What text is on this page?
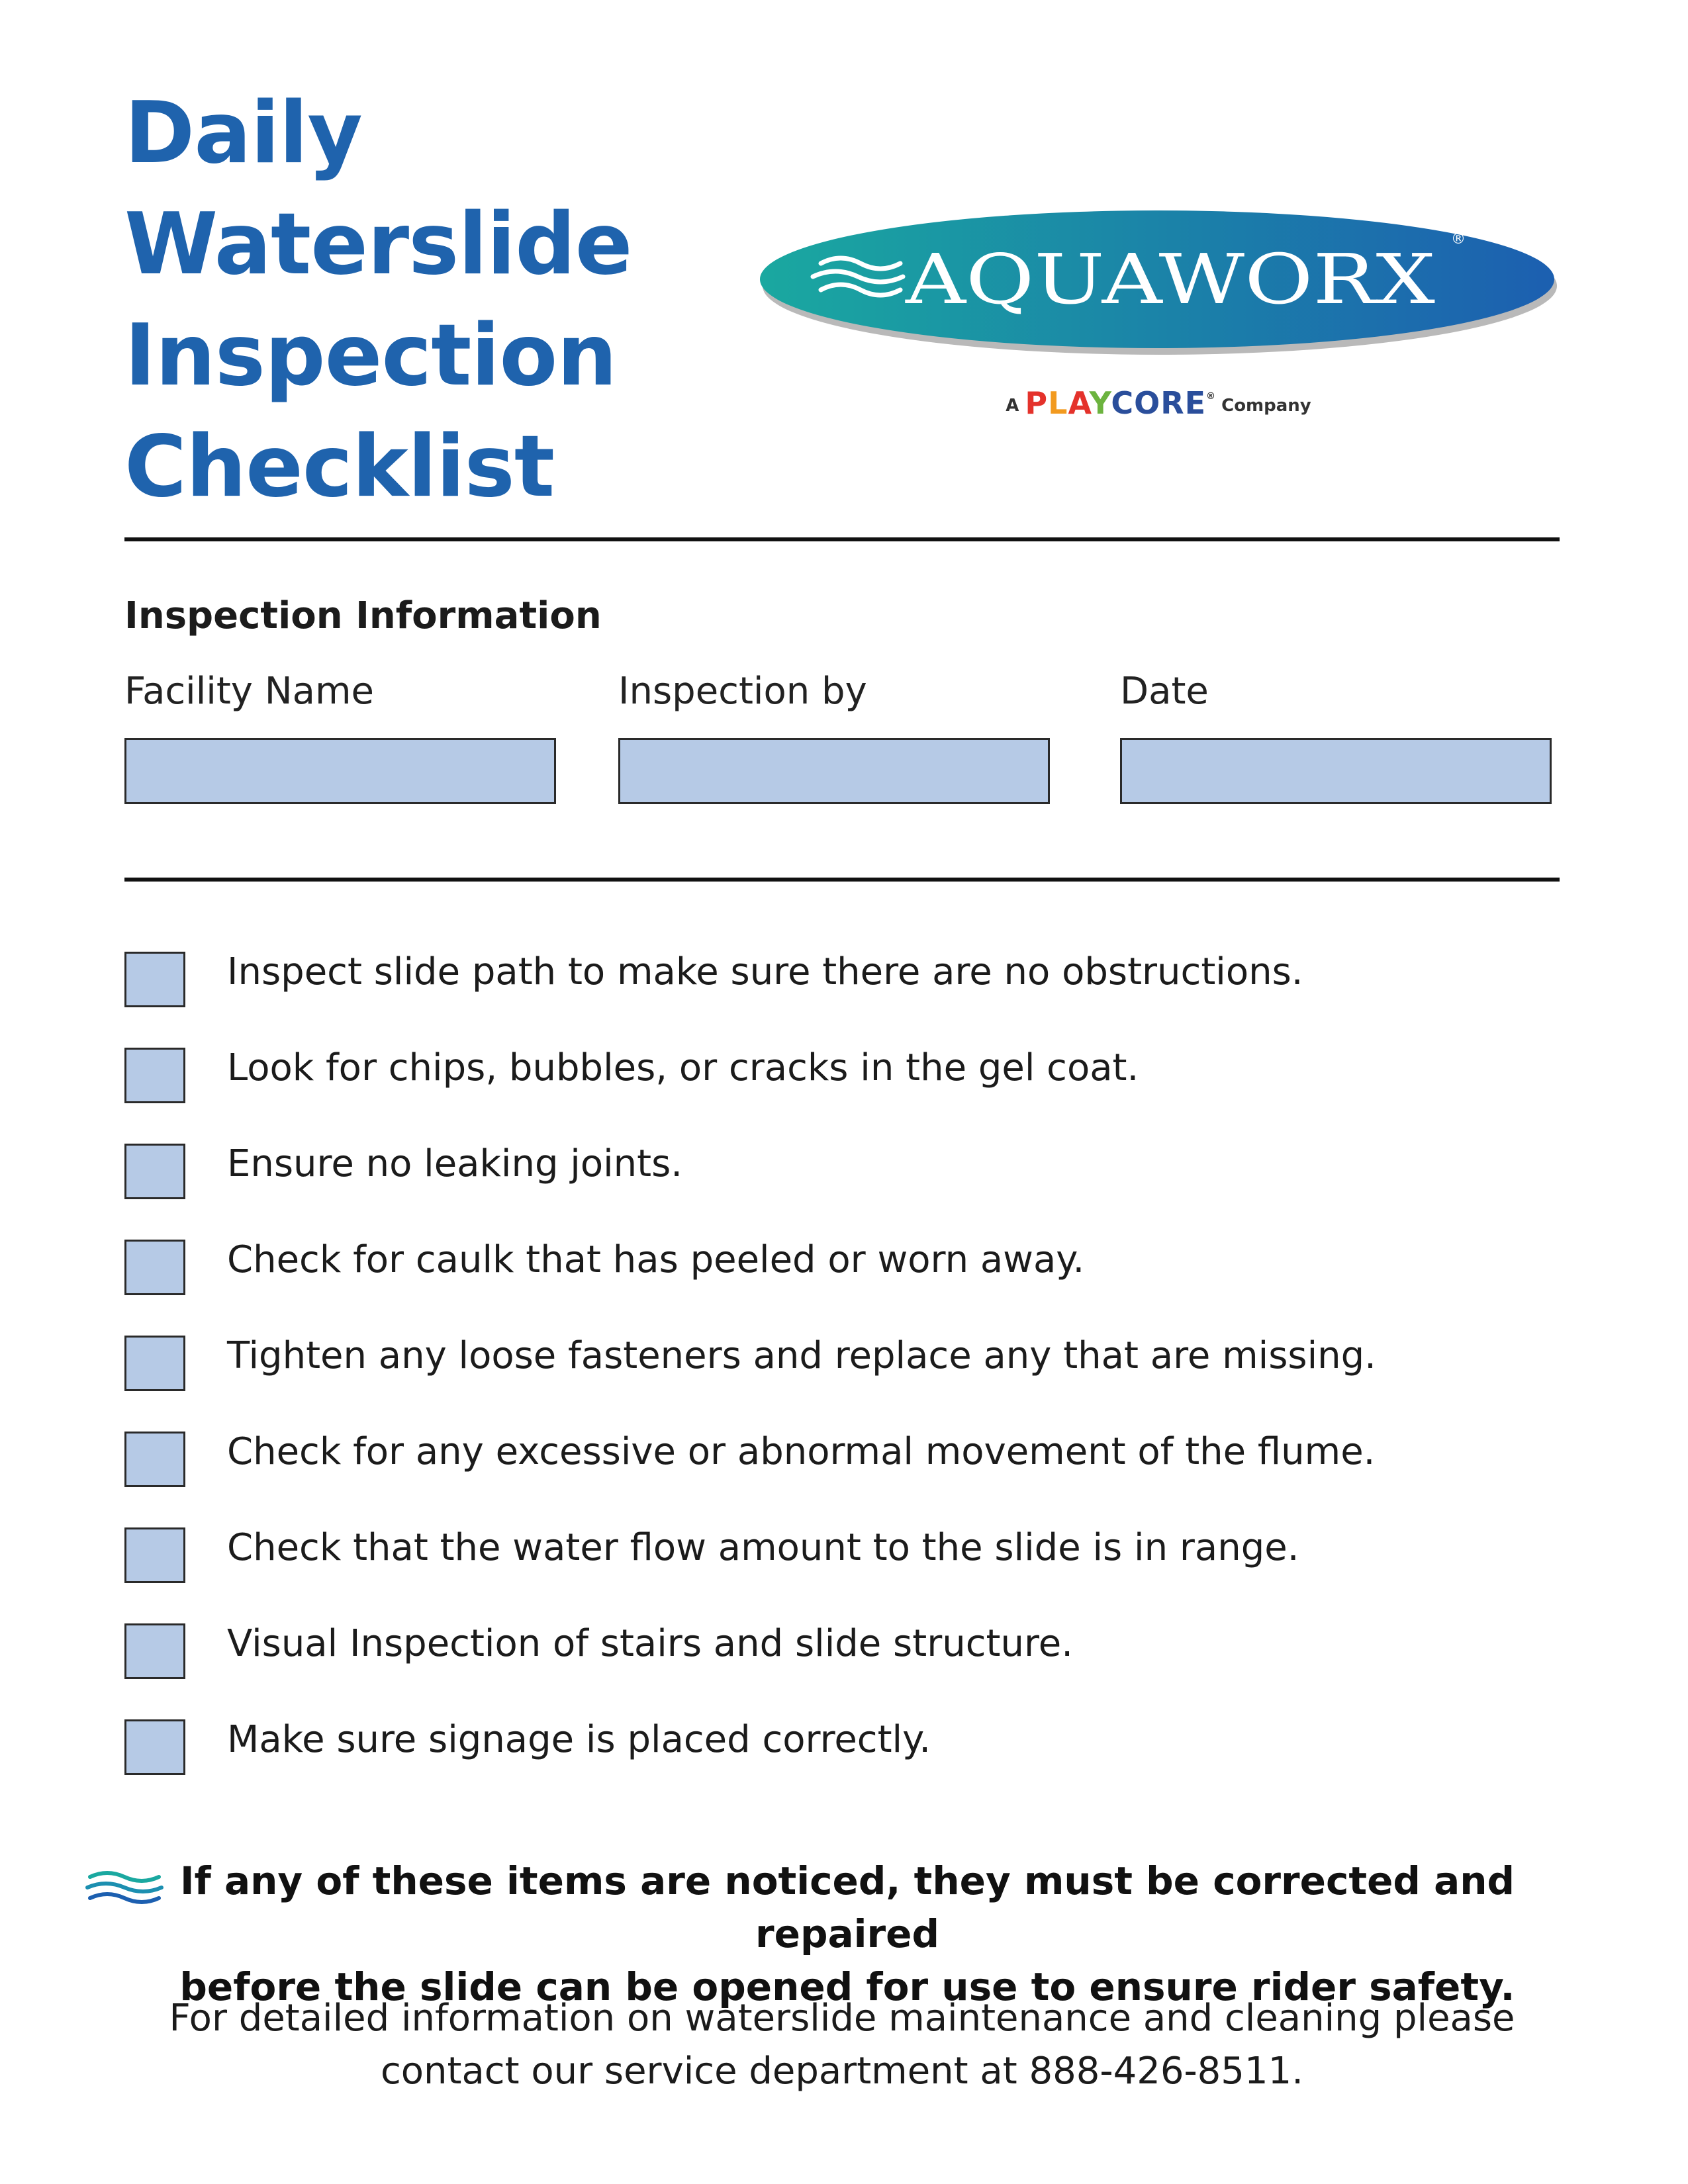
Daily
Waterslide
Inspection
Checklist
AQUAWORX ®
A PLAYCORE® Company
Inspection Information
Facility Name	Inspection by	Date
Inspect slide path to make sure there are no obstructions.
Look for chips, bubbles, or cracks in the gel coat.
Ensure no leaking joints.
Check for caulk that has peeled or worn away.
Tighten any loose fasteners and replace any that are missing.
Check for any excessive or abnormal movement of the flume.
Check that the water flow amount to the slide is in range.
Visual Inspection of stairs and slide structure.
Make sure signage is placed correctly.

If any of these items are noticed, they must be corrected and repaired
before the slide can be opened for use to ensure rider safety.

For detailed information on waterslide maintenance and cleaning please
contact our service department at 888-426-8511.
